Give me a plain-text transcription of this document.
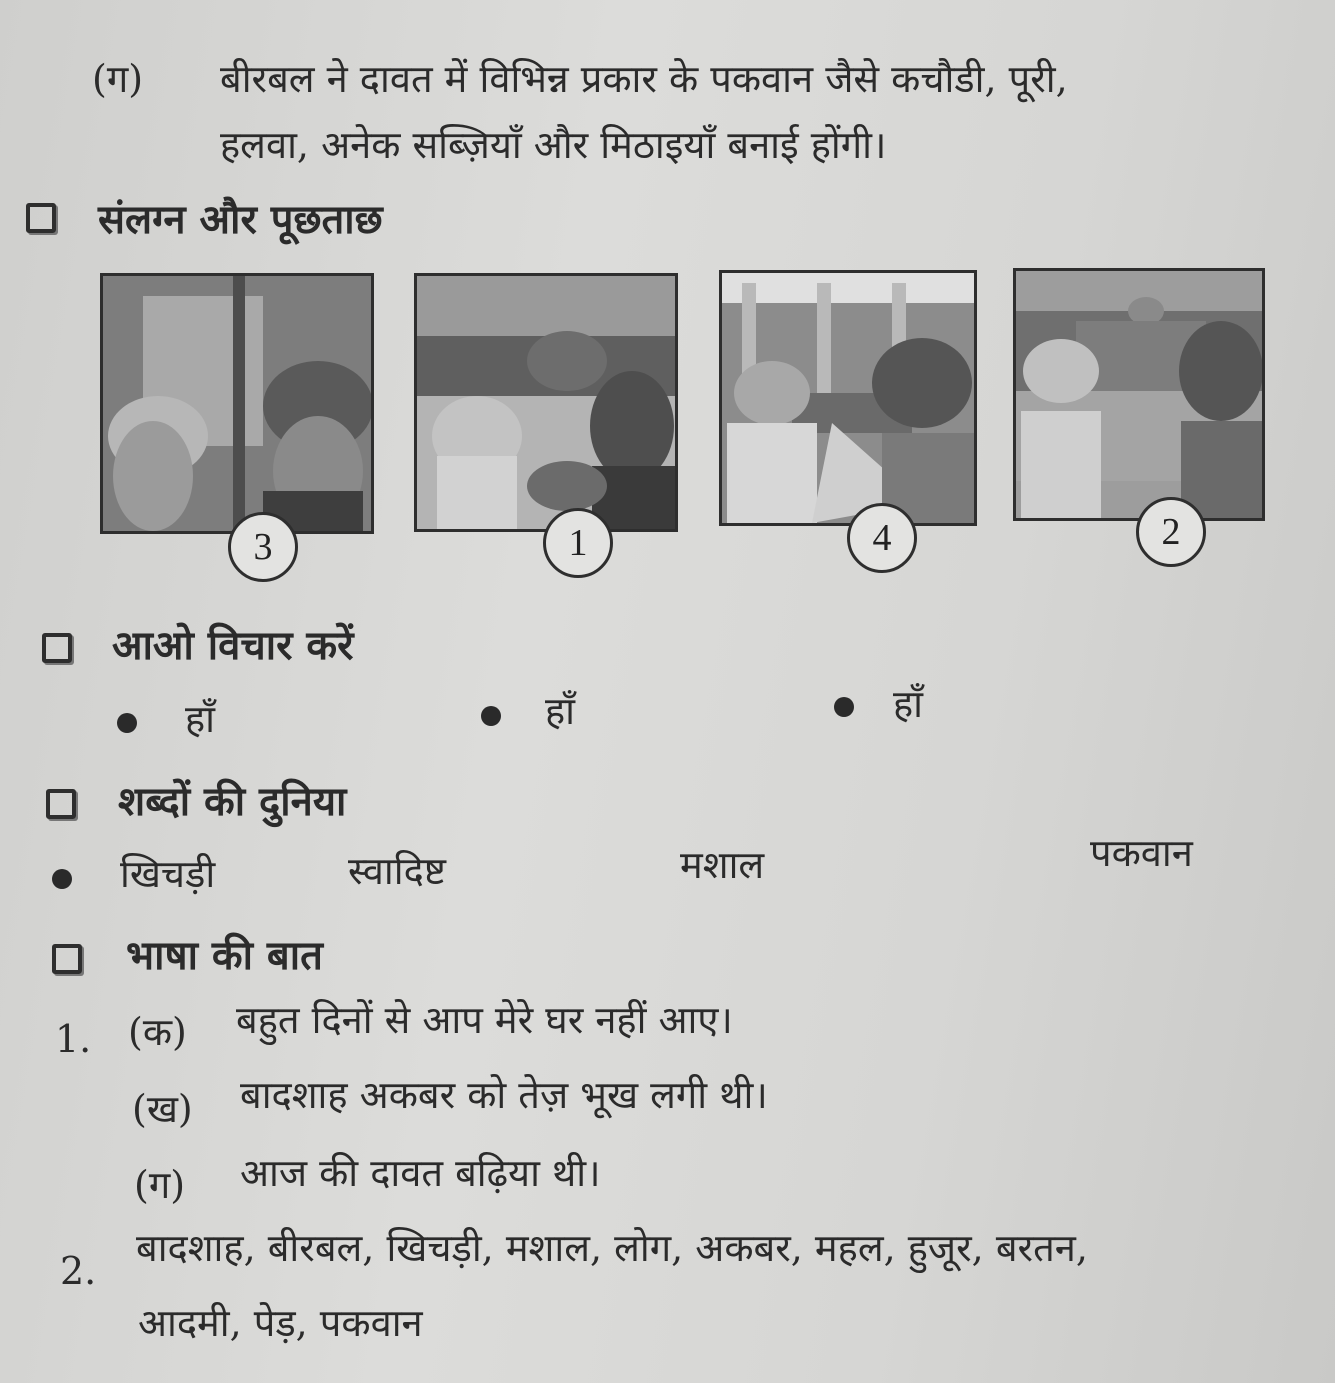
(ग) बीरबल ने दावत में विभिन्न प्रकार के पकवान जैसे कचौडी, पूरी,
हलवा, अनेक सब्ज़ियाँ और मिठाइयाँ बनाई होंगी।
संलग्न और पूछताछ
3	1	4	2
आओ विचार करें
हाँ	हाँ	हाँ
शब्दों की दुनिया
खिचड़ी	स्वादिष्ट	मशाल	पकवान
भाषा की बात
1. (क) बहुत दिनों से आप मेरे घर नहीं आए।
(ख) बादशाह अकबर को तेज़ भूख लगी थी।
(ग) आज की दावत बढ़िया थी।
2.
बादशाह, बीरबल, खिचड़ी, मशाल, लोग, अकबर, महल, हुजूर, बरतन,
आदमी, पेड़, पकवान
